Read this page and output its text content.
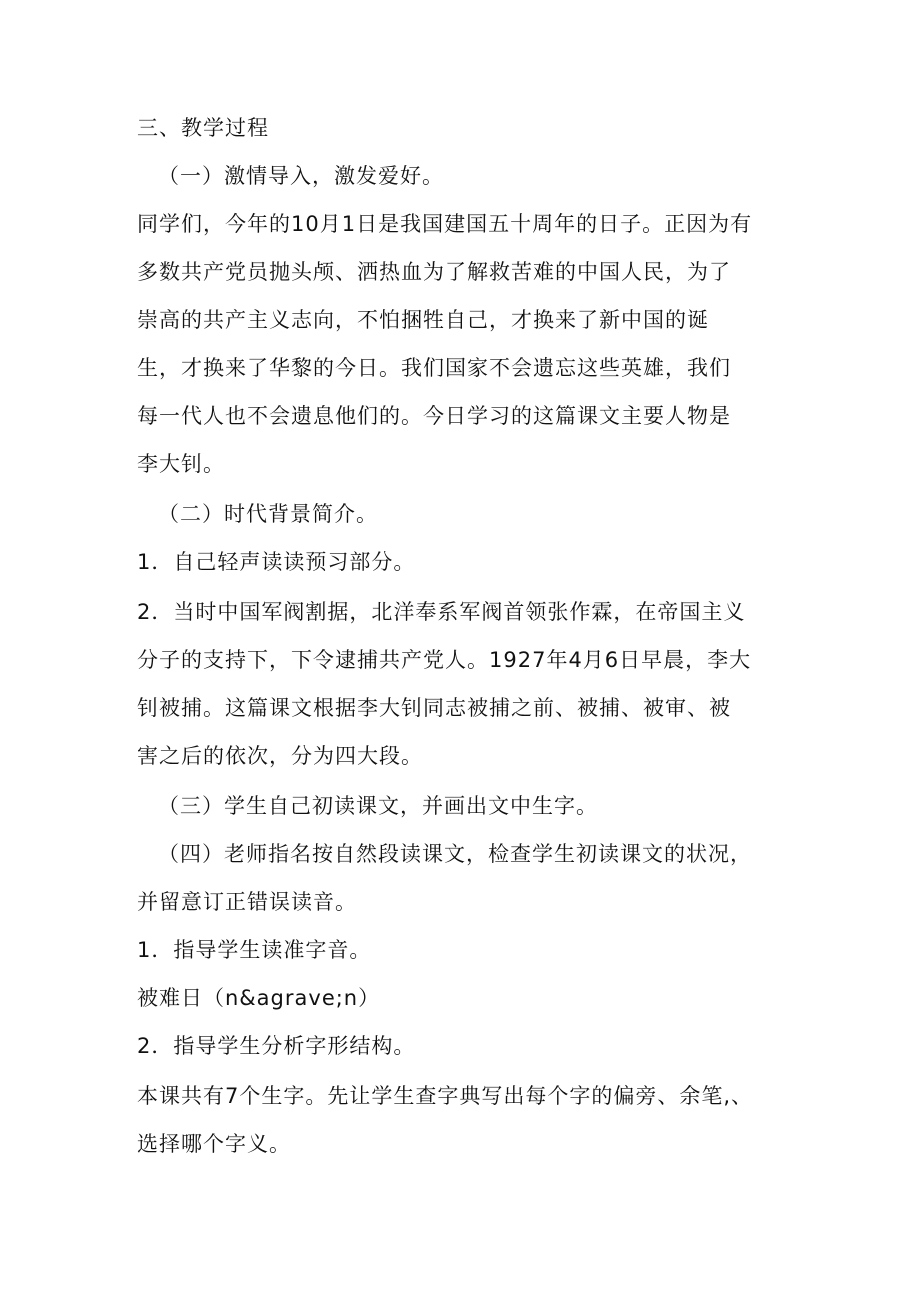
三、教学过程
（一）激情导入，激发爱好。
同学们，今年的10月1日是我国建国五十周年的日子。正因为有
多数共产党员抛头颅、洒热血为了解救苦难的中国人民，为了
崇高的共产主义志向，不怕捆牲自己，才换来了新中国的诞
生，才换来了华黎的今日。我们国家不会遗忘这些英雄，我们
每一代人也不会遗息他们的。今日学习的这篇课文主要人物是
李大钊。
（二）时代背景简介。
1．自己轻声读读预习部分。
2．当时中国军阀割据，北洋奉系军阀首领张作霖，在帝国主义
分子的支持下，下令逮捕共产党人。1927年4月6日早晨，李大
钊被捕。这篇课文根据李大钊同志被捕之前、被捕、被审、被
害之后的依次，分为四大段。
（三）学生自己初读课文，并画出文中生字。
（四）老师指名按自然段读课文，检查学生初读课文的状况，
并留意订正错误读音。
1．指导学生读准字音。
被难日（n&agrave;n）
2．指导学生分析字形结构。
本课共有7个生字。先让学生查字典写出每个字的偏旁、余笔,、
选择哪个字义。
